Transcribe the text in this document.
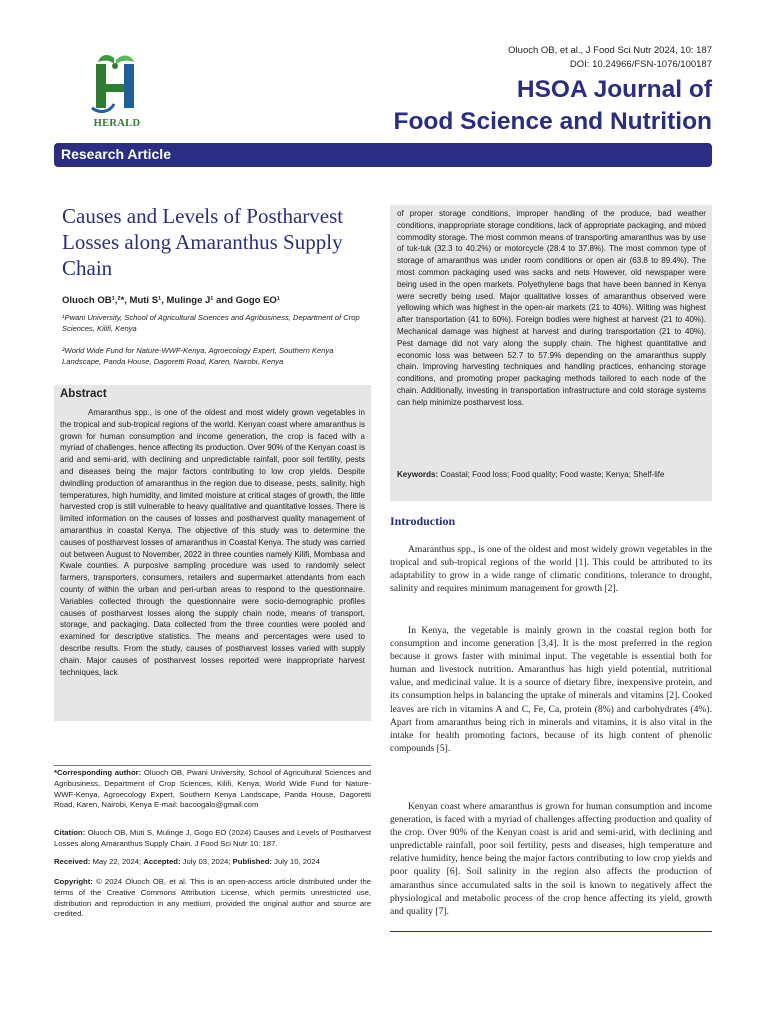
HERALD
Oluoch OB, et al., J Food Sci Nutr 2024, 10: 187
DOI: 10.24966/FSN-1076/100187
HSOA Journal of
Food Science and Nutrition
Research Article
Causes and Levels of Postharvest Losses along Amaranthus Supply Chain
Oluoch OB¹,²*, Muti S¹, Mulinge J¹ and Gogo EO¹
¹Pwani University, School of Agricultural Sciences and Agribusiness, Department of Crop Sciences, Kilifi, Kenya
²World Wide Fund for Nature-WWF-Kenya, Agroecology Expert, Southern Kenya Landscape, Panda House, Dagoretti Road, Karen, Nairobi, Kenya
Abstract
Amaranthus spp., is one of the oldest and most widely grown vegetables in the tropical and sub-tropical regions of the world. Kenyan coast where amaranthus is grown for human consumption and income generation, the crop is faced with a myriad of challenges, hence affecting its production. Over 90% of the Kenyan coast is arid and semi-arid, with declining and unpredictable rainfall, poor soil fertility, pests and diseases being the major factors contributing to low crop yields. Despite dwindling production of amaranthus in the region due to disease, pests, salinity, high temperatures, high humidity, and limited moisture at critical stages of growth, the little harvested crop is still vulnerable to heavy qualitative and quantitative losses. There is limited information on the causes of losses and postharvest quality management of amaranthus in coastal Kenya. The objective of this study was to determine the causes of postharvest losses of amaranthus in Coastal Kenya. The study was carried out between August to November, 2022 in three counties namely Kilifi, Mombasa and Kwale counties. A purposive sampling procedure was used to randomly select farmers, transporters, consumers, retailers and supermarket attendants from each county of within the urban and peri-urban areas to respond to the questionnaire. Variables collected through the questionnaire were socio-demographic profiles causes of postharvest losses along the supply chain node, means of transport, storage, and packaging. Data collected from the three counties were pooled and examined for descriptive statistics. The means and percentages were used to describe results. From the study, causes of postharvest losses varied with supply chain. Major causes of postharvest losses reported were inappropriate harvest techniques, lack
*Corresponding author: Oluoch OB, Pwani University, School of Agricultural Sciences and Agribusiness, Department of Crop Sciences, Kilifi, Kenya; World Wide Fund for Nature-WWF-Kenya, Agroecology Expert, Southern Kenya Landscape, Panda House, Dagoretti Road, Karen, Nairobi, Kenya E-mail: bacoogalo@gmail.com
Citation: Oluoch OB, Muti S, Mulinge J, Gogo EO (2024) Causes and Levels of Postharvest Losses along Amaranthus Supply Chain. J Food Sci Nutr 10: 187.
Received: May 22, 2024; Accepted: July 03, 2024; Published: July 10, 2024
Copyright: © 2024 Oluoch OB, et al. This is an open-access article distributed under the terms of the Creative Commons Attribution License, which permits unrestricted use, distribution and reproduction in any medium, provided the original author and source are credited.
of proper storage conditions, improper handling of the produce, bad weather conditions, inappropriate storage conditions, lack of appropriate packaging, and mixed commodity storage. The most common means of transporting amaranthus was by use of tuk-tuk (32.3 to 40.2%) or motorcycle (28.4 to 37.8%). The most common type of storage of amaranthus was under room conditions or open air (63.8 to 89.4%). The most common packaging used was sacks and nets However, old newspaper were being used in the open markets. Polyethylene bags that have been banned in Kenya were secretly being used. Major qualitative losses of amaranthus observed were yellowing which was highest in the open-air markets (21 to 40%). Wilting was highest after transportation (41 to 60%). Foreign bodies were highest at harvest (21 to 40%). Mechanical damage was highest at harvest and during transportation (21 to 40%). Pest damage did not vary along the supply chain. The highest quantitative and economic loss was between 52.7 to 57.9% depending on the amaranthus supply chain. Improving harvesting techniques and handling practices, enhancing storage conditions, and promoting proper packaging methods tailored to each node of the chain. Additionally, investing in transportation infrastructure and cold storage systems can help minimize postharvest loss.
Keywords: Coastal; Food loss; Food quality; Food waste; Kenya; Shelf-life
Introduction
Amaranthus spp., is one of the oldest and most widely grown vegetables in the tropical and sub-tropical regions of the world [1]. This could be attributed to its adaptability to grow in a wide range of climatic conditions, tolerance to drought, salinity and requires minimum management for growth [2].
In Kenya, the vegetable is mainly grown in the coastal region both for consumption and income generation [3,4]. It is the most preferred in the region because it grows faster with minimal input. The vegetable is essential both for human and livestock nutrition. Amaranthus has high yield potential, nutritional value, and medicinal value. It is a source of dietary fibre, inexpensive protein, and its consumption helps in balancing the uptake of minerals and vitamins [2]. Cooked leaves are rich in vitamins A and C, Fe, Ca, protein (8%) and carbohydrates (4%). Apart from amaranthus being rich in minerals and vitamins, it is also vital in the intake for health promoting factors, because of its high content of phenolic compounds [5].
Kenyan coast where amaranthus is grown for human consumption and income generation, is faced with a myriad of challenges affecting production and quality of the crop. Over 90% of the Kenyan coast is arid and semi-arid, with declining and unpredictable rainfall, poor soil fertility, pests and diseases, high temperature and relative humidity, hence being the major factors contributing to low crop yields and poor quality [6]. Soil salinity in the region also affects the production of amaranthus since accumulated salts in the soil is known to negatively affect the physiological and metabolic process of the crop hence affecting its yield, growth and quality [7].
